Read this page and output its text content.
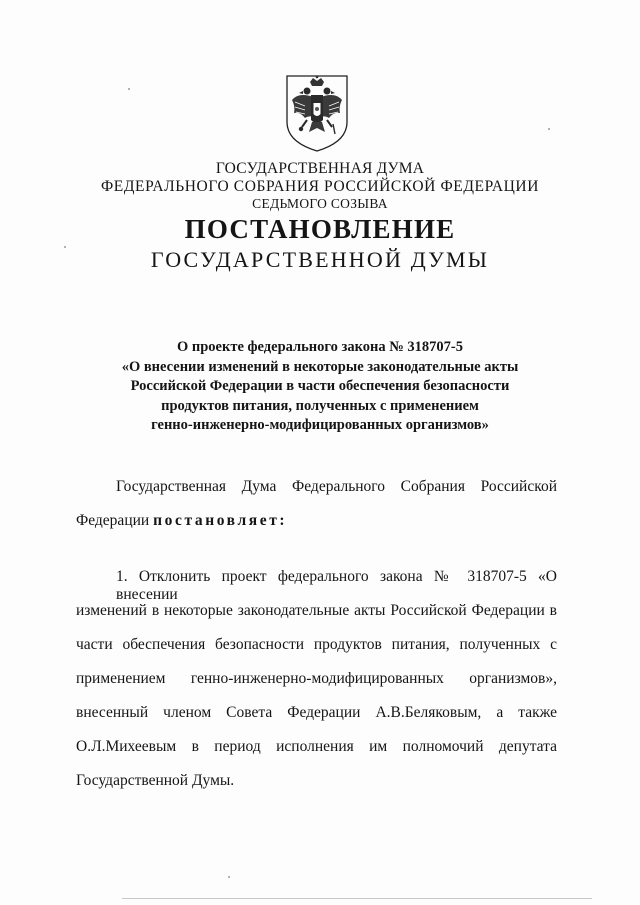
ГОСУДАРСТВЕННАЯ ДУМА
ФЕДЕРАЛЬНОГО СОБРАНИЯ РОССИЙСКОЙ ФЕДЕРАЦИИ
СЕДЬМОГО СОЗЫВА
ПОСТАНОВЛЕНИЕ
ГОСУДАРСТВЕННОЙ ДУМЫ
О проекте федерального закона № 318707-5
«О внесении изменений в некоторые законодательные акты
Российской Федерации в части обеспечения безопасности
продуктов питания, полученных с применением
генно-инженерно-модифицированных организмов»
Государственная Дума Федерального Собрания Российской
Федерации постановляет:
1. Отклонить проект федерального закона № 318707-5 «О внесении
изменений в некоторые законодательные акты Российской Федерации в
части обеспечения безопасности продуктов питания, полученных с
применением генно-инженерно-модифицированных организмов»,
внесенный членом Совета Федерации А.В.Беляковым, а также
О.Л.Михеевым в период исполнения им полномочий депутата
Государственной Думы.
